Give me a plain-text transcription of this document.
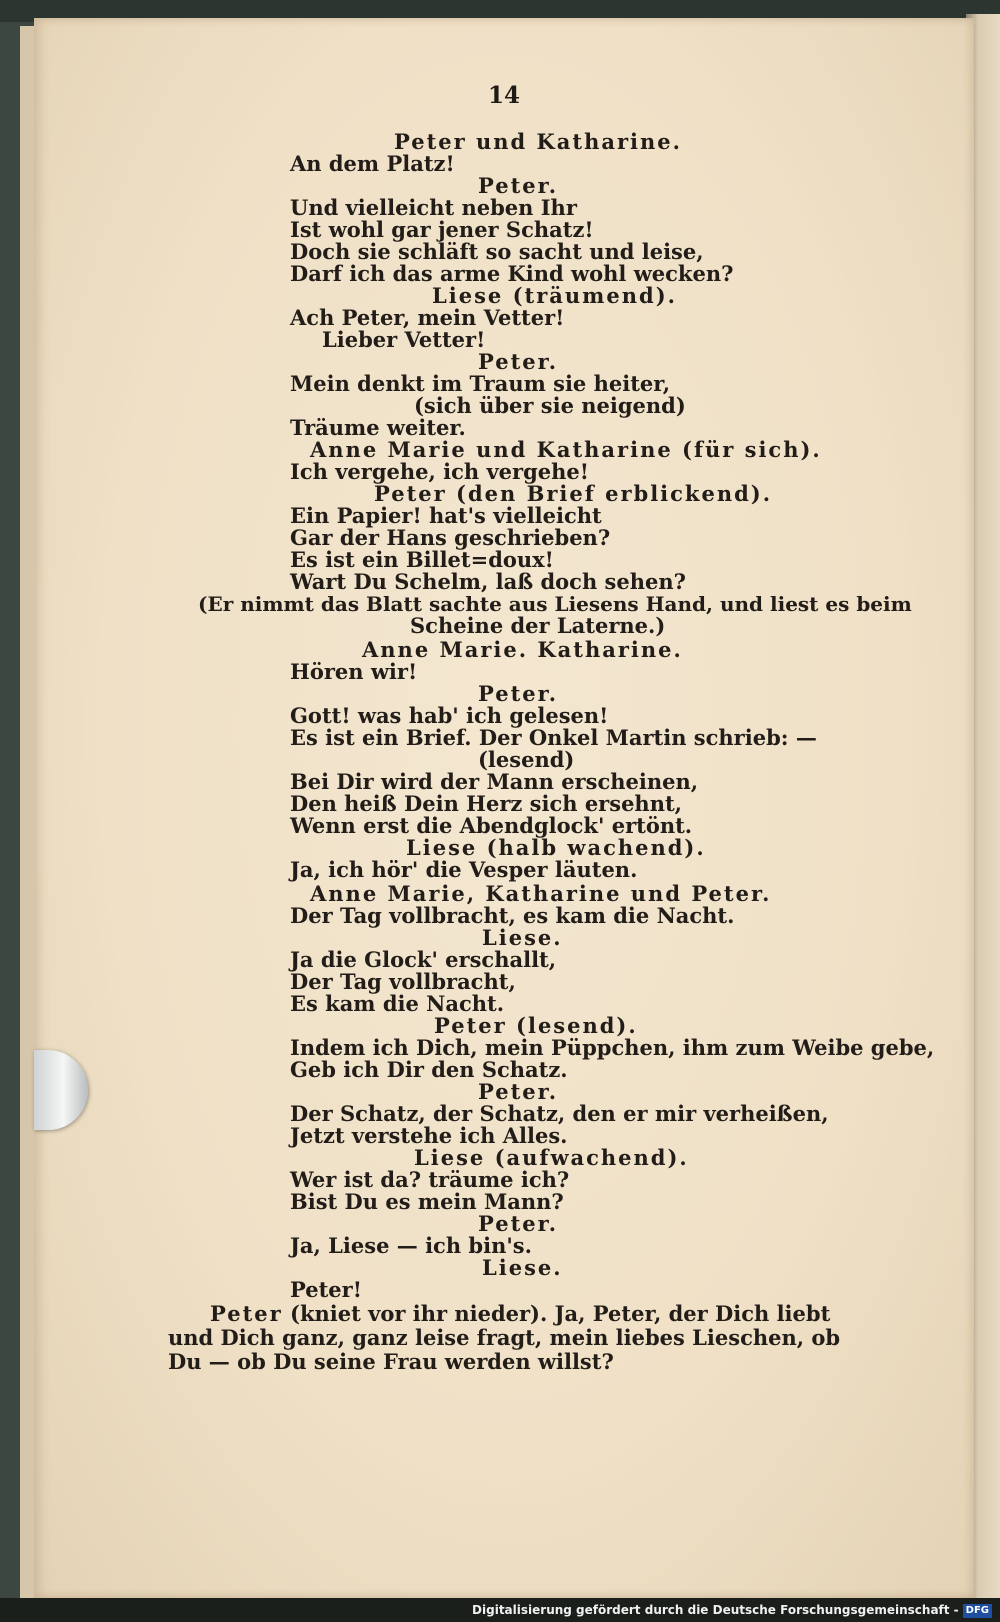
14
Peter und Katharine.
An dem Platz!
Peter.
Und vielleicht neben Ihr
Ist wohl gar jener Schatz!
Doch sie schläft so sacht und leise,
Darf ich das arme Kind wohl wecken?
Liese (träumend).
Ach Peter, mein Vetter!
Lieber Vetter!
Peter.
Mein denkt im Traum sie heiter,
(sich über sie neigend)
Träume weiter.
Anne Marie und Katharine (für sich).
Ich vergehe, ich vergehe!
Peter (den Brief erblickend).
Ein Papier! hat's vielleicht
Gar der Hans geschrieben?
Es ist ein Billet=doux!
Wart Du Schelm, laß doch sehen?
(Er nimmt das Blatt sachte aus Liesens Hand, und liest es beim
Scheine der Laterne.)
Anne Marie. Katharine.
Hören wir!
Peter.
Gott! was hab' ich gelesen!
Es ist ein Brief. Der Onkel Martin schrieb: —
(lesend)
Bei Dir wird der Mann erscheinen,
Den heiß Dein Herz sich ersehnt,
Wenn erst die Abendglock' ertönt.
Liese (halb wachend).
Ja, ich hör' die Vesper läuten.
Anne Marie, Katharine und Peter.
Der Tag vollbracht, es kam die Nacht.
Liese.
Ja die Glock' erschallt,
Der Tag vollbracht,
Es kam die Nacht.
Peter (lesend).
Indem ich Dich, mein Püppchen, ihm zum Weibe gebe,
Geb ich Dir den Schatz.
Peter.
Der Schatz, der Schatz, den er mir verheißen,
Jetzt verstehe ich Alles.
Liese (aufwachend).
Wer ist da? träume ich?
Bist Du es mein Mann?
Peter.
Ja, Liese — ich bin's.
Liese.
Peter!
Peter (kniet vor ihr nieder). Ja, Peter, der Dich liebt und Dich ganz, ganz leise fragt, mein liebes Lieschen, ob Du — ob Du seine Frau werden willst?
Digitalisierung gefördert durch die Deutsche Forschungsgemeinschaft - DFG
